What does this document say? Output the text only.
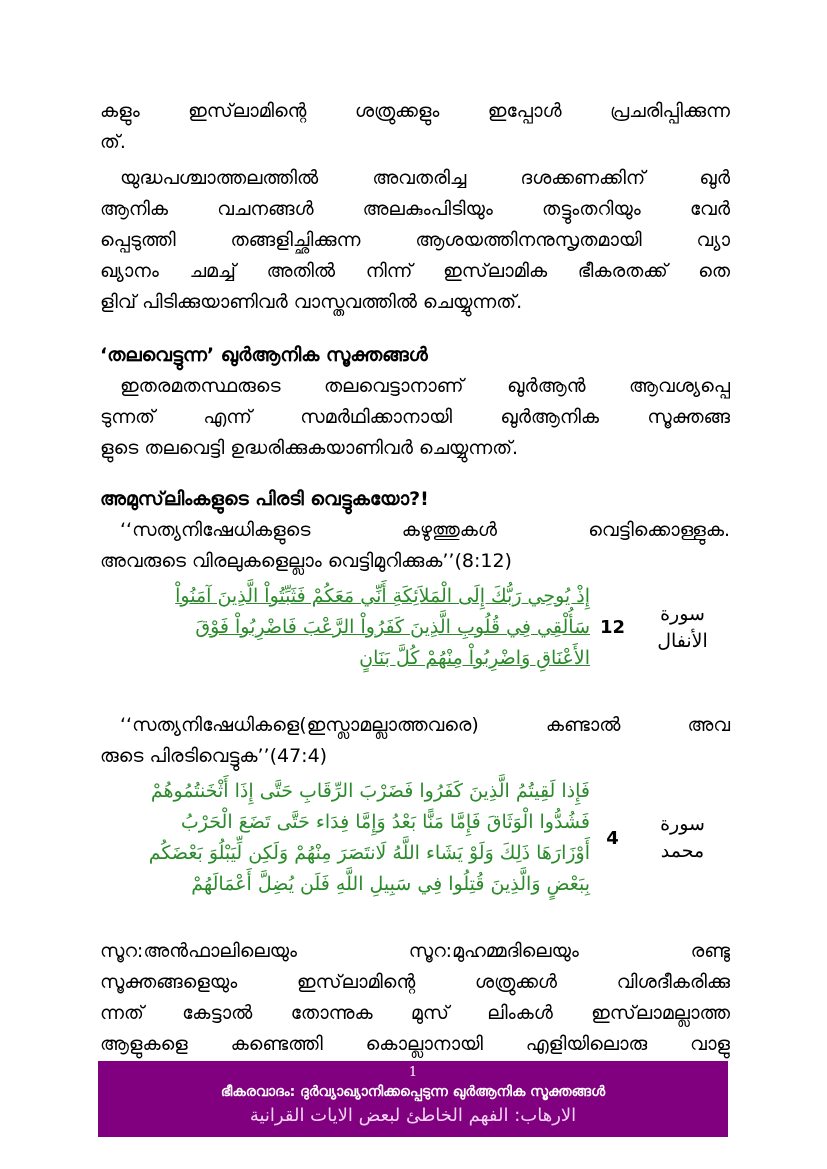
കളും ഇസ്‌ലാമിന്റെ ശത്രുക്കളും ഇപ്പോള്‍ പ്രചരിപ്പിക്കുന്ന
ത്.

യുദ്ധപശ്ചാത്തലത്തില്‍ അവതരിച്ച ദശക്കണക്കിന് ഖുര്‍
ആനിക വചനങ്ങള്‍ അലകുംപിടിയും തട്ടുംതറിയും വേര്‍
പ്പെടുത്തി തങ്ങളിച്ഛിക്കുന്ന ആശയത്തിനനുസൃതമായി വ്യാ
ഖ്യാനം ചമച്ച് അതില്‍ നിന്ന് ഇസ്‌ലാമിക ഭീകരതക്ക് തെ
ളിവ് പിടിക്കുയാണിവര്‍ വാസ്തവത്തില്‍ ചെയ്യുന്നത്.

‘തലവെട്ടുന്ന’ ഖുര്‍ആനിക സൂക്തങ്ങള്‍

ഇതരമതസ്ഥരുടെ തലവെട്ടാനാണ് ഖുര്‍ആന്‍ ആവശ്യപ്പെ
ടുന്നത് എന്ന് സമര്‍ഥിക്കാനായി ഖുര്‍ആനിക സൂക്തങ്ങ
ളുടെ തലവെട്ടി ഉദ്ധരിക്കുകയാണിവര്‍ ചെയ്യുന്നത്.

അമുസ്‌ലിംകളുടെ പിരടി വെട്ടുകയോ?!

‘‘സത്യനിഷേധികളുടെ കഴുത്തുകള്‍ വെട്ടിക്കൊള്ളുക.
അവരുടെ വിരലുകളെല്ലാം വെട്ടിമുറിക്കുക’’(8:12)

إِذْ يُوحِي رَبُّكَ إِلَى الْمَلاَئِكَةِ أَنِّي مَعَكُمْ فَثَبِّتُواْ الَّذِينَ آمَنُواْ
سَأُلْقِي فِي قُلُوبِ الَّذِينَ كَفَرُواْ الرَّعْبَ فَاضْرِبُواْ فَوْقَ
الأَعْنَاقِ وَاضْرِبُواْ مِنْهُمْ كُلَّ بَنَانٍ
12
سورة
الأنفال

‘‘സത്യനിഷേധികളെ(ഇസ്ലാമല്ലാത്തവരെ) കണ്ടാല്‍ അവ
രുടെ പിരടിവെട്ടുക’’(47:4)

فَإِذا لَقِيتُمُ الَّذِينَ كَفَرُوا فَضَرْبَ الرِّقَابِ حَتَّى إِذَا أَثْخَنتُمُوهُمْ
فَشُدُّوا الْوَثَاقَ فَإِمَّا مَنًّا بَعْدُ وَإِمَّا فِدَاء حَتَّى تَضَعَ الْحَرْبُ
أَوْزَارَهَا ذَلِكَ وَلَوْ يَشَاء اللَّهُ لَانتَصَرَ مِنْهُمْ وَلَكِن لِّيَبْلُوَ بَعْضَكُم
بِبَعْضٍ وَالَّذِينَ قُتِلُوا فِي سَبِيلِ اللَّهِ فَلَن يُضِلَّ أَعْمَالَهُمْ
4
سورة
محمد

സൂറ:അന്‍ഫാലിലെയും സൂറ:മുഹമ്മദിലെയും രണ്ടു
സൂക്തങ്ങളെയും ഇസ്‌ലാമിന്റെ ശത്രുക്കള്‍ വിശദീകരിക്കു
ന്നത് കേട്ടാല്‍ തോന്നുക മുസ് ലിംകള്‍ ഇസ്‌ലാമല്ലാത്ത
ആളുകളെ കണ്ടെത്തി കൊല്ലാനായി എളിയിലൊരു വാളു

1
ഭീകരവാദം: ദുര്‍വ്യാഖ്യാനിക്കപ്പെടുന്ന ഖുര്‍ആനിക സൂക്തങ്ങള്‍
الارهاب: الفهم الخاطئ لبعض الايات القرانية
